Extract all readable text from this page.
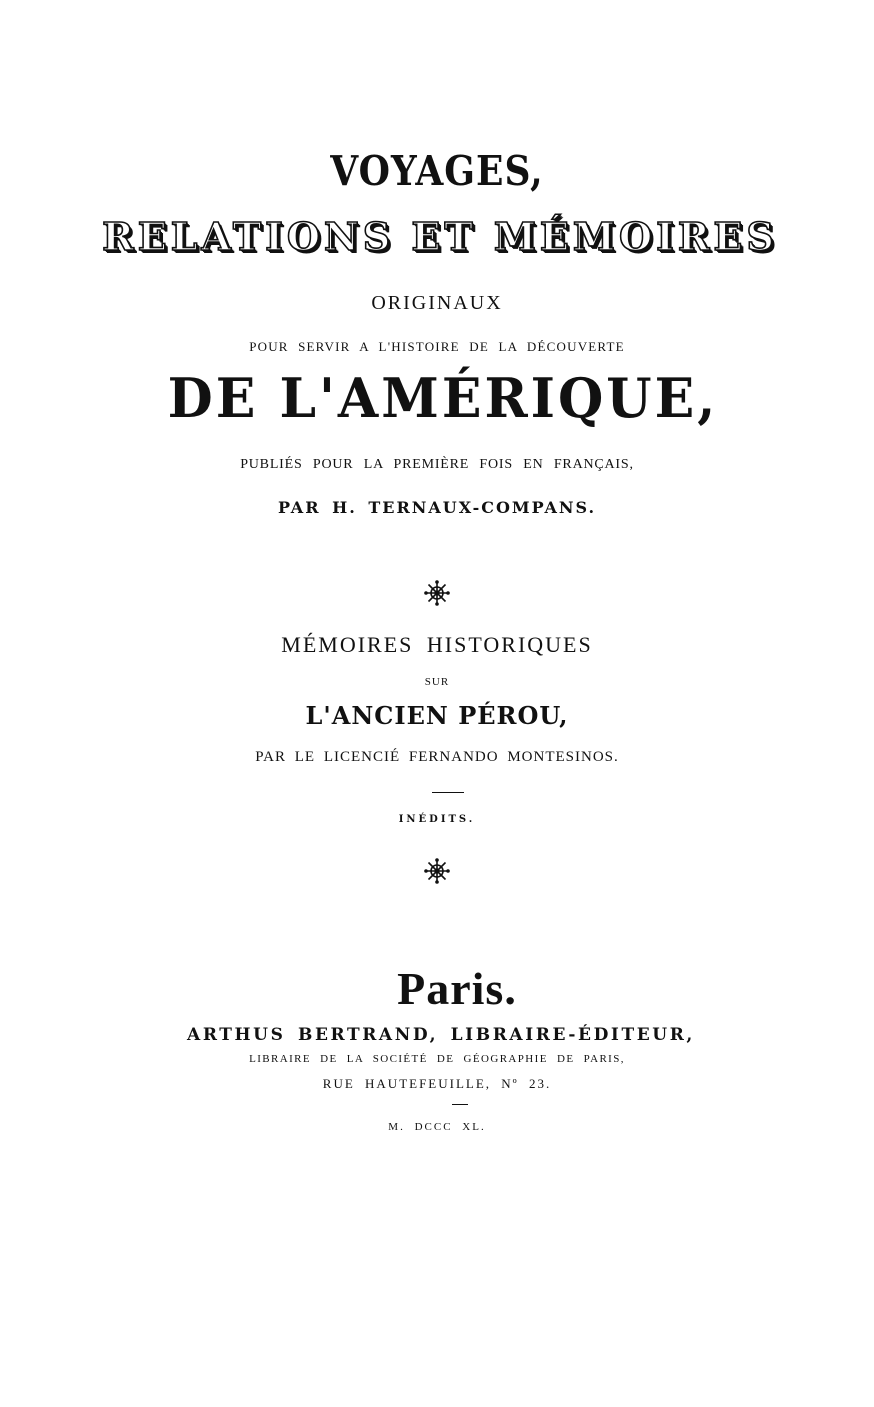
VOYAGES,
RELATIONS ET MÉMOIRES
ORIGINAUX
POUR SERVIR A L'HISTOIRE DE LA DÉCOUVERTE
DE L'AMÉRIQUE,
PUBLIÉS POUR LA PREMIÈRE FOIS EN FRANÇAIS,
PAR H. TERNAUX-COMPANS.
MÉMOIRES HISTORIQUES
SUR
L'ANCIEN PÉROU,
PAR LE LICENCIÉ FERNANDO MONTESINOS.
INÉDITS.
Paris.
ARTHUS BERTRAND, LIBRAIRE-ÉDITEUR,
LIBRAIRE DE LA SOCIÉTÉ DE GÉOGRAPHIE DE PARIS,
RUE HAUTEFEUILLE, Nº 23.
M. DCCC XL.
